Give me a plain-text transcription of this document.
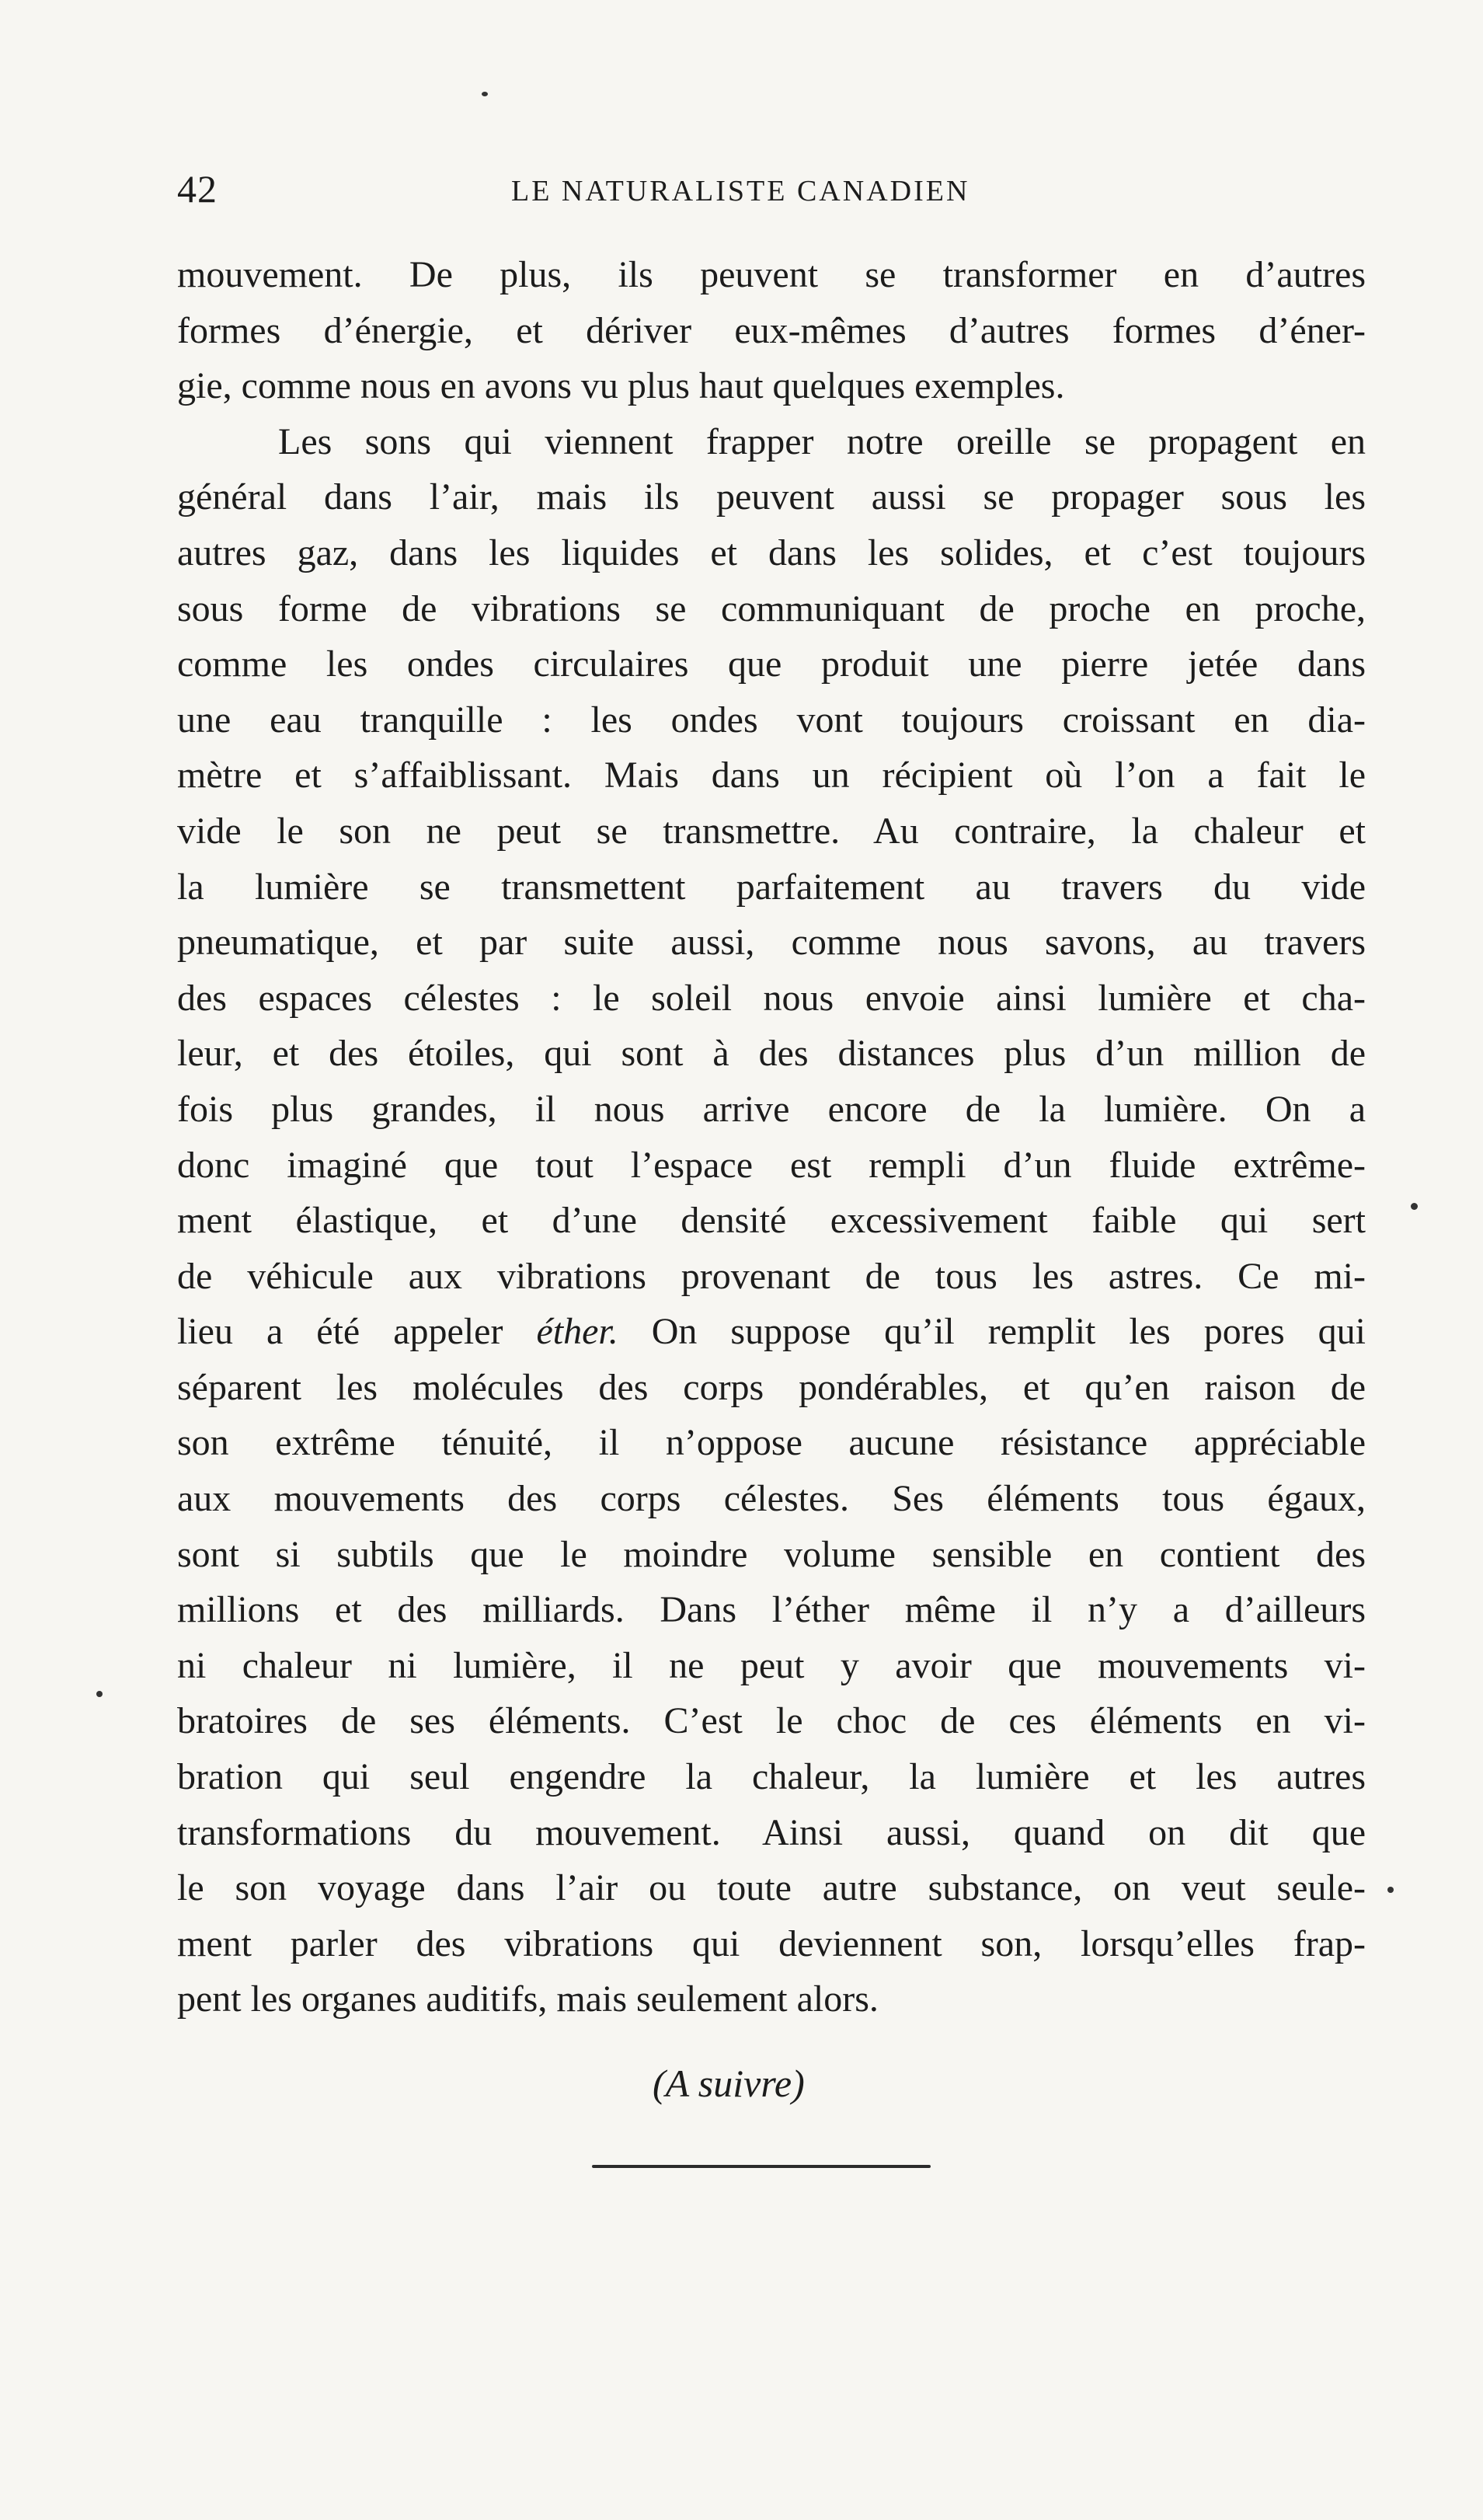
42	LE NATURALISTE CANADIEN
mouvement. De plus, ils peuvent se transformer en d’autres
formes d’énergie, et dériver eux-mêmes d’autres formes d’éner-
gie, comme nous en avons vu plus haut quelques exemples.
Les sons qui viennent frapper notre oreille se propagent en
général dans l’air, mais ils peuvent aussi se propager sous les
autres gaz, dans les liquides et dans les solides, et c’est toujours
sous forme de vibrations se communiquant de proche en proche,
comme les ondes circulaires que produit une pierre jetée dans
une eau tranquille : les ondes vont toujours croissant en dia-
mètre et s’affaiblissant. Mais dans un récipient où l’on a fait le
vide le son ne peut se transmettre. Au contraire, la chaleur et
la lumière se transmettent parfaitement au travers du vide
pneumatique, et par suite aussi, comme nous savons, au travers
des espaces célestes : le soleil nous envoie ainsi lumière et cha-
leur, et des étoiles, qui sont à des distances plus d’un million de
fois plus grandes, il nous arrive encore de la lumière. On a
donc imaginé que tout l’espace est rempli d’un fluide extrême-
ment élastique, et d’une densité excessivement faible qui sert
de véhicule aux vibrations provenant de tous les astres. Ce mi-
lieu a été appeler éther. On suppose qu’il remplit les pores qui
séparent les molécules des corps pondérables, et qu’en raison de
son extrême ténuité, il n’oppose aucune résistance appréciable
aux mouvements des corps célestes. Ses éléments tous égaux,
sont si subtils que le moindre volume sensible en contient des
millions et des milliards. Dans l’éther même il n’y a d’ailleurs
ni chaleur ni lumière, il ne peut y avoir que mouvements vi-
bratoires de ses éléments. C’est le choc de ces éléments en vi-
bration qui seul engendre la chaleur, la lumière et les autres
transformations du mouvement. Ainsi aussi, quand on dit que
le son voyage dans l’air ou toute autre substance, on veut seule-
ment parler des vibrations qui deviennent son, lorsqu’elles frap-
pent les organes auditifs, mais seulement alors.
(A suivre)
